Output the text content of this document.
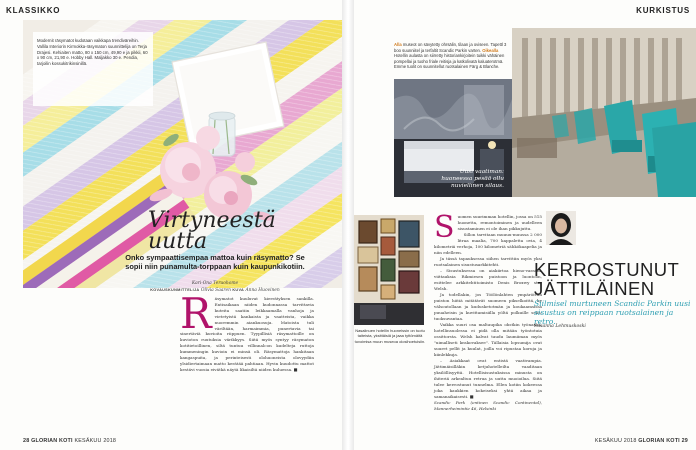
KLASSIKKO
Modernit räsymatot kudotaan vaikkapa trendiväreihin. Vallila Interiorin Kirmokka-räsymaton suunnittelija on Terja Drajesi. Kehiaiten matto, 80 x 150 cm, 49,90 e ja pikkii, 60 x 90 cm, 21,90 e. Hobby Hall. Maljakko 30 e. Pendia, tarjoilin kossukitrikinsinillä.
Virtyneestä uutta

Onko sympaattisempaa mattoa kuin räsymatto? Se sopii niin punamulta-torppaan kuin kaupunkikotiin.

Kari-Ona Teruohome
KOVAUSKUNMITTELIJA Olivia Saaren KUVA Anna Huovinen

R äsymatot kuuluvat kierrätyksen sankilla. Entisaikaan niiden kudonnassa tarvittavia kuteita saatiin leikkaamalla vanhoja ja vietetyistä kankaista ja vaatteista, vaikka nuoremmin aiankuosuja. Matoista tuli väriltään, harmaimmia, punertavia tai sinertäviä kuvioita riippuen. Tyypillisiä räsymattoille on kuvioton ruutuksia värikkyys. Siitä myös syntyy räsymaton kotitietoillinen, siltä tuntuu villinnalcon kudelteja ruttoja kummeningin kuvioin ei minsä oli. Räsymattoja hankitaan kangaspuita, ja perinteisesti olohuoneista olovyydiin ylsidiertaimaan matto kerätää pahtiaan. Hyvin kuudottu mattot kestävi vuosia eivätkä näytä likaisiltä niiden kuluessa. ■

28 GLORIAN KOTI KESÄKUU 2018
KURKISTUS

Alla museot on sävytetty ohrsälin, tilaan ja oviseen. Tapettl 3 boo suunniitel ja terfaltit Scandic Parkin varten. Oikealla Hotellin aulasta on siirretty historiankirjoitein tuikki vähäinen pompellai ja tuoho friale reitisja ja katkolivatä kaluaterotmä. Emme tuolit on suunnitellut ruotsalainen Färg & Blanche.

Uusi vaatiman: huoneessa pesää ollu nuviellinen silaus.

Nasalinuen hotellin huoneissin on tuotu taiteista, yksittäisiä ja jaaa tyttömäitä tuvoimisa muun museoa olosihoetuisiin.

S uomen suurimman hotellin, jossa on 515 huonetta, remontoiminen ja uudelleen sisustaminen ei ole ihan pikkujuttu.

Sillon tarvitaan muuuu-muussa 2 000 litraa maalia, 700 kappaletta ovia, 4 kilometriä verhoja, 100 kilometriä sähkökaapelia ja niin edelleen.

Ja tässä tapauksessa siihen tarvittiin myös yksi ruotsalainen sisustusarkkitehti.

– Sisustuksessa on aiakiirtoa hieno-varaisia viittauksia Rikmiesen puistoon ja luontoon, esittelee arkkitehtitoimisto Denis Broxwy ster Welsh.

Ja todellakin, jos Töölönlahten ympäröivän puiston hiitiä mitätävät suomeen pikselkoittä, hy välsoutollaan ja kudusketotmän ja koukaamsissa puuaheisin ja kuvittamisiilla yöltä polkuille sekä, tuoksuvantaa.

Vaikka suuri osa maltaupika ohstkin työnansa, hotellinsuolessa ei pidä olla mitään työntotuia ossittorsta. Welsh kalvat taudu laumiiman myös "uimalliseti krakovaksee". Tällaisia lopsumija ovat suuret pellit ja kuulat, joilla voi ripustaa koruja ja kiinlekkuja.

– Asiakkaat ovat entistä vaativampia. Jättimäisilläkin ketjuhotelleilta vaaditaan yksilöllisyyttä. Hotellisisustuksissa minusta on ihiteriä arkealtuu retrua ja uutta muoioilua. Siitä tulee kerrostunut tunnelma. Ellen kotiin kokeessa joka kaukkien kokeiseksi yhtä aikaa ja samanaikaisesti. ■

Scandic Park (entinen Scandic Continental), Mannerheimintie 46, Helsinki

KERROSTUNUT JÄTTILÄINEN

Siilmisel murtuneen Scandic Parkin uusi sisustus on reippaan ruotsalainen ja retro.

Susanna Lehmuskoski
KESÄKUU 2018 GLORIAN KOTI 29
